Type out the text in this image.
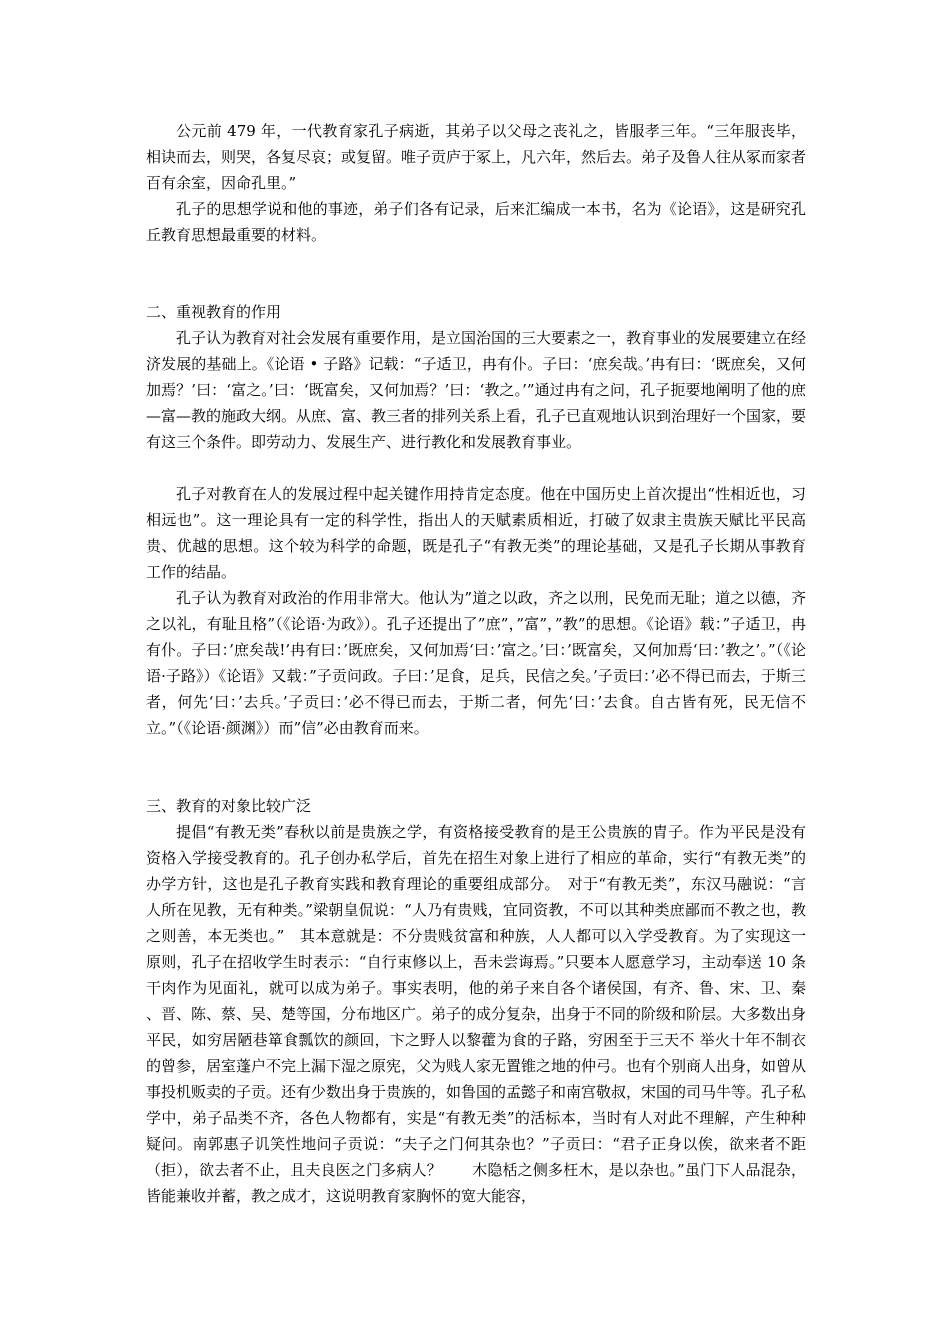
公元前 479 年，一代教育家孔子病逝，其弟子以父母之丧礼之，皆服孝三年。“三年服丧毕，相诀而去，则哭，各复尽哀；或复留。唯子贡庐于冢上，凡六年，然后去。弟子及鲁人往从冢而家者百有余室，因命孔里。”

孔子的思想学说和他的事迹，弟子们各有记录，后来汇编成一本书，名为《论语》，这是研究孔丘教育思想最重要的材料。

二、重视教育的作用

孔子认为教育对社会发展有重要作用，是立国治国的三大要素之一，教育事业的发展要建立在经济发展的基础上。《论语 • 子路》记载：“子适卫，冉有仆。子曰：‘庶矣哉。’冉有曰：‘既庶矣，又何加焉？’曰：‘富之。’曰：‘既富矣，又何加焉？’曰：‘教之。’”通过冉有之问，孔子扼要地阐明了他的庶—富—教的施政大纲。从庶、富、教三者的排列关系上看，孔子已直观地认识到治理好一个国家，要有这三个条件。即劳动力、发展生产、进行教化和发展教育事业。

孔子对教育在人的发展过程中起关键作用持肯定态度。他在中国历史上首次提出“性相近也，习相远也”。这一理论具有一定的科学性，指出人的天赋素质相近，打破了奴隶主贵族天赋比平民高贵、优越的思想。这个较为科学的命题，既是孔子“有教无类”的理论基础，又是孔子长期从事教育工作的结晶。

孔子认为教育对政治的作用非常大。他认为”道之以政，齐之以刑，民免而无耻；道之以德，齐之以礼，有耻且格”（《论语·为政》）。孔子还提出了”庶”，”富”，”教”的思想。《论语》载：”子适卫，冉有仆。子曰：’庶矣哉!’冉有曰：’既庶矣，又何加焉‘曰：’富之。’曰：’既富矣，又何加焉‘曰：’教之’。”（《论语·子路》）《论语》又载：”子贡问政。子曰：’足食，足兵，民信之矣。’子贡曰：’必不得已而去，于斯三者，何先‘曰：’去兵。’子贡曰：’必不得已而去，于斯二者，何先‘曰：’去食。自古皆有死，民无信不立。”（《论语·颜渊》）而”信”必由教育而来。

三、教育的对象比较广泛

提倡“有教无类”春秋以前是贵族之学，有资格接受教育的是王公贵族的胄子。作为平民是没有资格入学接受教育的。孔子创办私学后，首先在招生对象上进行了相应的革命，实行“有教无类”的办学方针，这也是孔子教育实践和教育理论的重要组成部分。　对于“有教无类”，东汉马融说：“言人所在见教，无有种类。”梁朝皇侃说：“人乃有贵贱，宜同资教，不可以其种类庶鄙而不教之也，教之则善，本无类也。”　其本意就是：不分贵贱贫富和种族，人人都可以入学受教育。为了实现这一原则，孔子在招收学生时表示：“自行束修以上，吾未尝诲焉。”只要本人愿意学习，主动奉送 10 条干肉作为见面礼，就可以成为弟子。事实表明，他的弟子来自各个诸侯国，有齐、鲁、宋、卫、秦 、晋、陈、蔡、吴、楚等国，分布地区广。弟子的成分复杂，出身于不同的阶级和阶层。大多数出身平民，如穷居陋巷箪食瓢饮的颜回，卞之野人以黎藿为食的子路，穷困至于三天不 举火十年不制衣的曾参，居室蓬户不完上漏下湿之原宪，父为贱人家无置锥之地的仲弓。也有个别商人出身，如曾从事投机贩卖的子贡。还有少数出身于贵族的，如鲁国的孟懿子和南宫敬叔，宋国的司马牛等。孔子私学中，弟子品类不齐，各色人物都有，实是“有教无类”的活标本，当时有人对此不理解，产生种种疑问。南郭惠子讥笑性地问子贡说：“夫子之门何其杂也？”子贡曰：“君子正身以俟，欲来者不距（拒），欲去者不止，且夫良医之门多病人？　　木隐栝之侧多枉木，是以杂也。”虽门下人品混杂，皆能兼收并蓄，教之成才，这说明教育家胸怀的宽大能容，
